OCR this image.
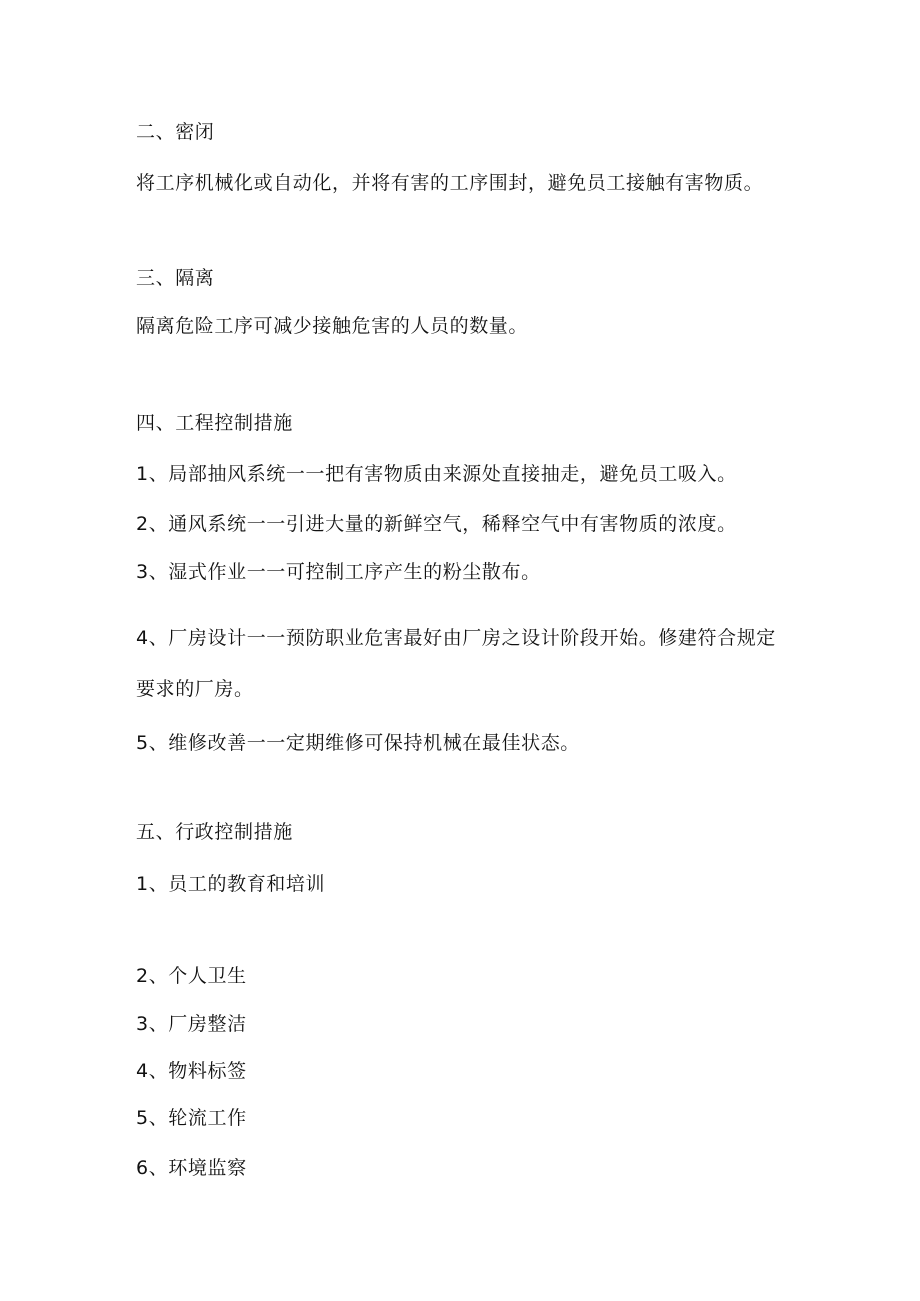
二、密闭
将工序机械化或自动化，并将有害的工序围封，避免员工接触有害物质。
三、隔离
隔离危险工序可减少接触危害的人员的数量。
四、工程控制措施
1、局部抽风系统一一把有害物质由来源处直接抽走，避免员工吸入。
2、通风系统一一引进大量的新鲜空气，稀释空气中有害物质的浓度。
3、湿式作业一一可控制工序产生的粉尘散布。
4、厂房设计一一预防职业危害最好由厂房之设计阶段开始。修建符合规定
要求的厂房。
5、维修改善一一定期维修可保持机械在最佳状态。
五、行政控制措施
1、员工的教育和培训
2、个人卫生
3、厂房整洁
4、物料标签
5、轮流工作
6、环境监察
